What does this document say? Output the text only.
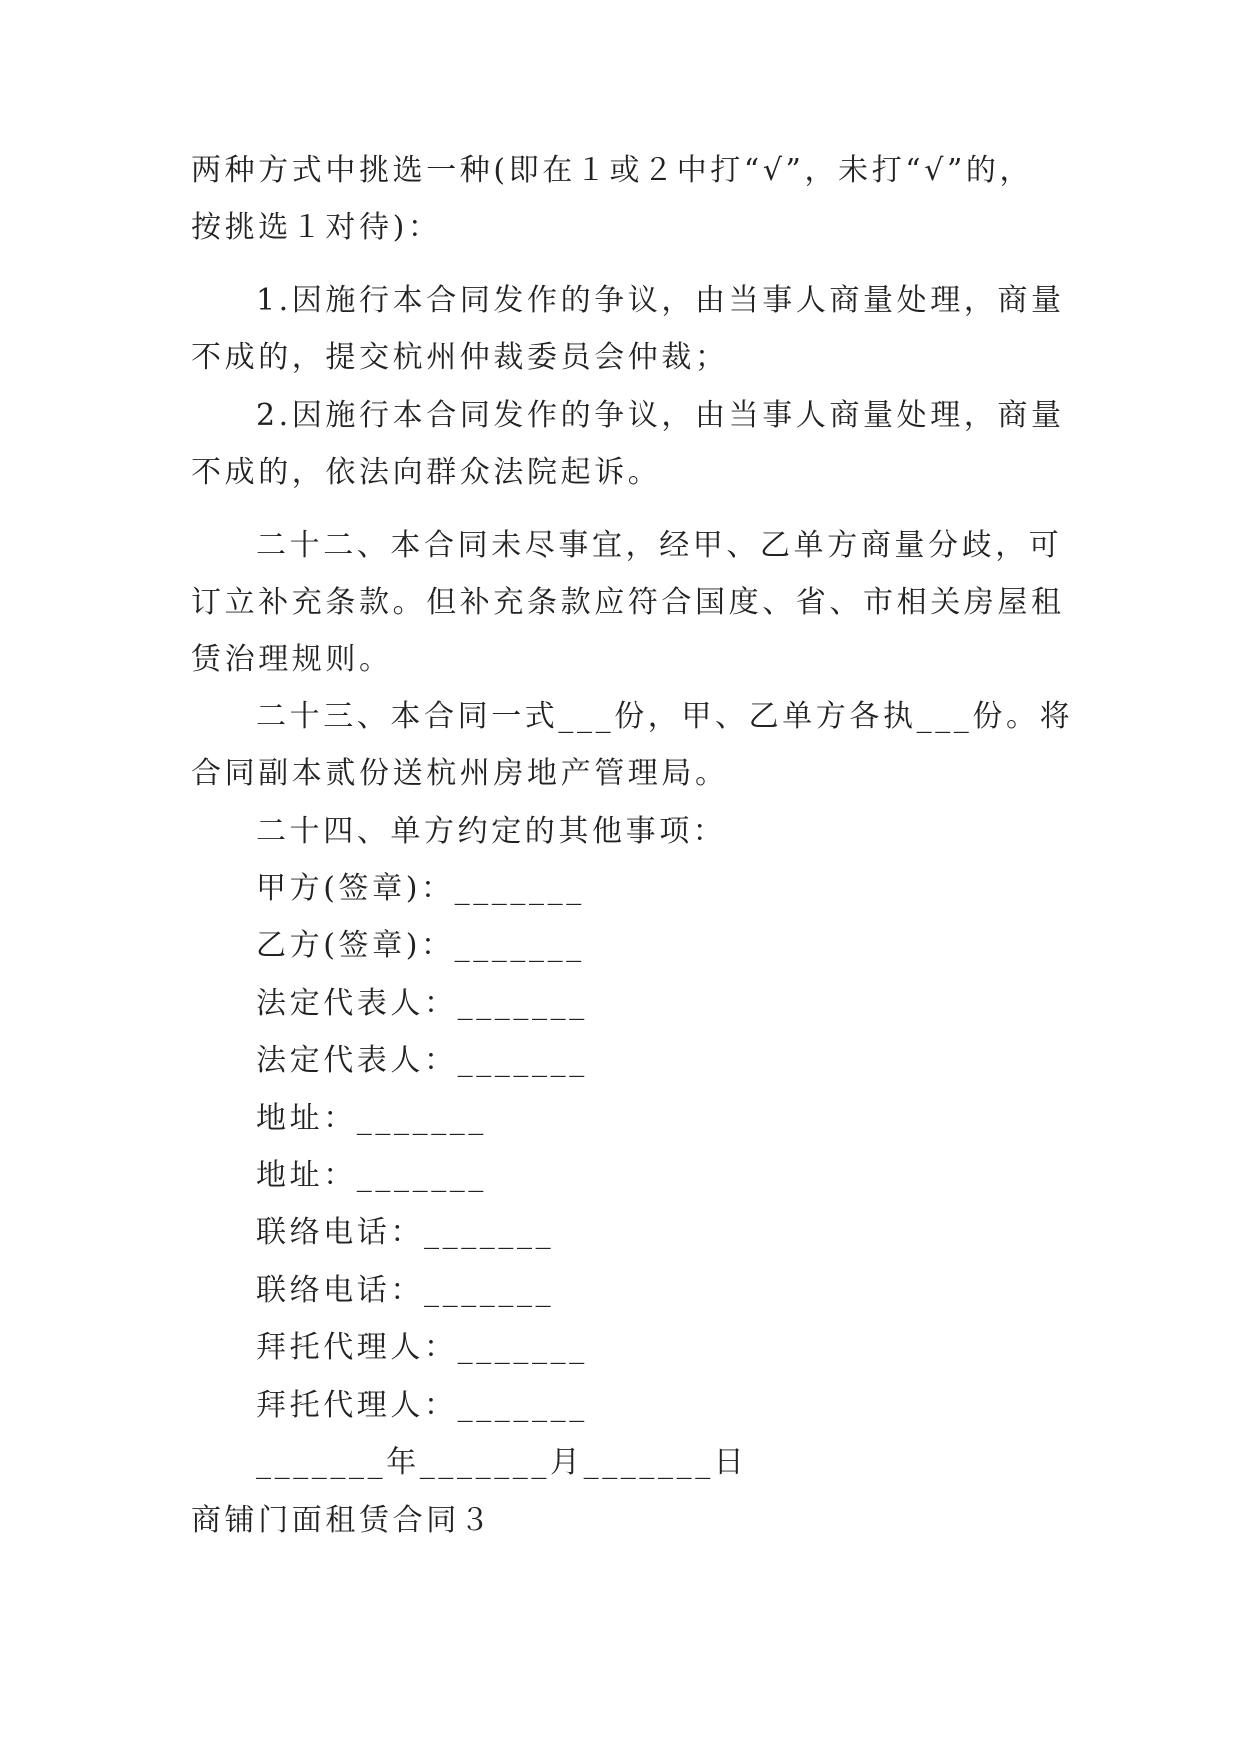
两种方式中挑选一种(即在１或２中打“√”，未打“√”的，
按挑选１对待)：
1.因施行本合同发作的争议，由当事人商量处理，商量
不成的，提交杭州仲裁委员会仲裁；
2.因施行本合同发作的争议，由当事人商量处理，商量
不成的，依法向群众法院起诉。
二十二、本合同未尽事宜，经甲、乙单方商量分歧，可
订立补充条款。但补充条款应符合国度、省、市相关房屋租
赁治理规则。
二十三、本合同一式___份，甲、乙单方各执___份。将
合同副本贰份送杭州房地产管理局。
二十四、单方约定的其他事项：
甲方(签章)：_______
乙方(签章)：_______
法定代表人：_______
法定代表人：_______
地址：_______
地址：_______
联络电话：_______
联络电话：_______
拜托代理人：_______
拜托代理人：_______
_______年_______月_______日
商铺门面租赁合同３
